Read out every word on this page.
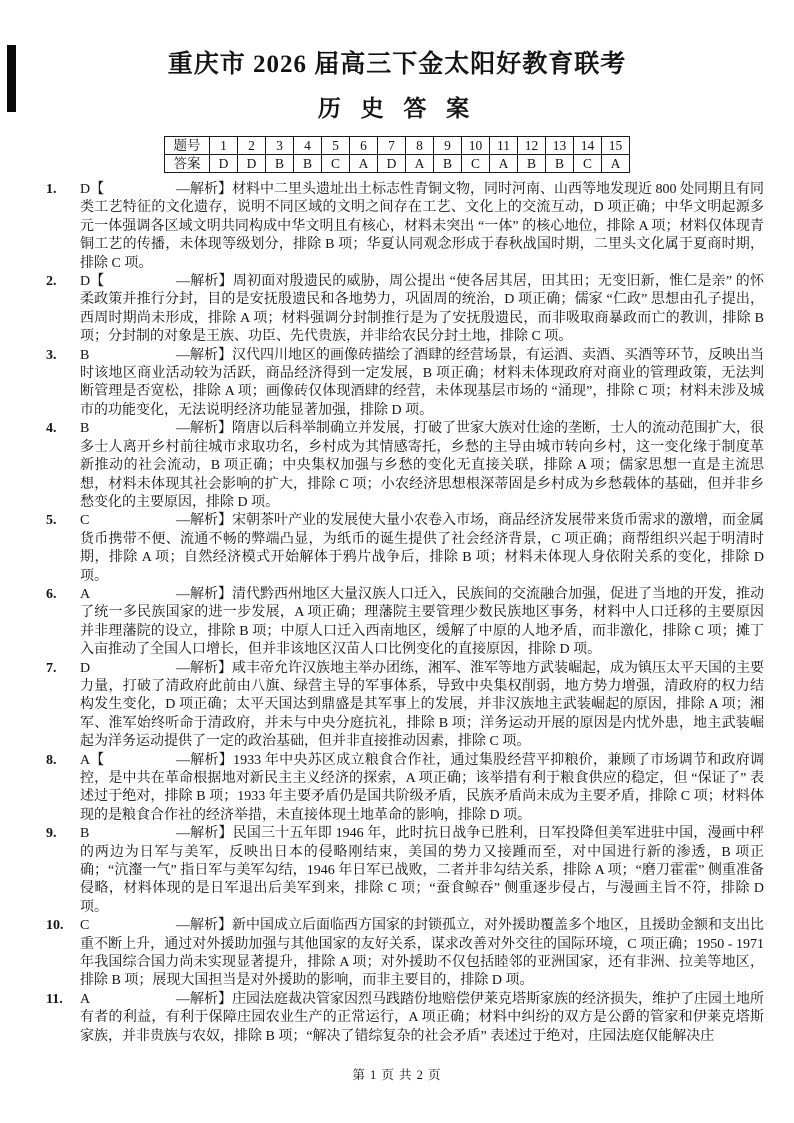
重庆市 2026 届高三下金太阳好教育联考
历 史 答 案
题号	1	2	3	4	5	6	7	8	9	10	11	12	13	14	15
答案	D	D	B	B	C	A	D	A	B	C	A	B	B	C	A
1. D【	—解析】材料中二里头遗址出土标志性青铜文物，同时河南、山西等地发现近 800 处同期且有同类工艺特征的文化遗存，说明不同区域的文明之间存在工艺、文化上的交流互动，D 项正确；中华文明起源多元一体强调各区域文明共同构成中华文明且有核心，材料未突出 “一体” 的核心地位，排除 A 项；材料仅体现青铜工艺的传播，未体现等级划分，排除 B 项；华夏认同观念形成于春秋战国时期，二里头文化属于夏商时期，排除 C 项。
2. D【	—解析】周初面对殷遗民的威胁，周公提出 “使各居其居，田其田；无变旧新，惟仁是亲” 的怀柔政策并推行分封，目的是安抚殷遗民和各地势力，巩固周的统治，D 项正确；儒家 “仁政” 思想由孔子提出，西周时期尚未形成，排除 A 项；材料强调分封制推行是为了安抚殷遗民，而非吸取商暴政而亡的教训，排除 B 项；分封制的对象是王族、功臣、先代贵族，并非给农民分封土地，排除 C 项。
3. B	—解析】汉代四川地区的画像砖描绘了酒肆的经营场景，有运酒、卖酒、买酒等环节，反映出当时该地区商业活动较为活跃，商品经济得到一定发展，B 项正确；材料未体现政府对商业的管理政策，无法判断管理是否宽松，排除 A 项；画像砖仅体现酒肆的经营，未体现基层市场的 “涌现”，排除 C 项；材料未涉及城市的功能变化，无法说明经济功能显著加强，排除 D 项。
4. B	—解析】隋唐以后科举制确立并发展，打破了世家大族对仕途的垄断，士人的流动范围扩大，很多士人离开乡村前往城市求取功名，乡村成为其情感寄托，乡愁的主导由城市转向乡村，这一变化缘于制度革新推动的社会流动，B 项正确；中央集权加强与乡愁的变化无直接关联，排除 A 项；儒家思想一直是主流思想，材料未体现其社会影响的扩大，排除 C 项；小农经济思想根深蒂固是乡村成为乡愁载体的基础，但并非乡愁变化的主要原因，排除 D 项。
5. C	—解析】宋朝茶叶产业的发展使大量小农卷入市场，商品经济发展带来货币需求的激增，而金属货币携带不便、流通不畅的弊端凸显，为纸币的诞生提供了社会经济背景，C 项正确；商帮组织兴起于明清时期，排除 A 项；自然经济模式开始解体于鸦片战争后，排除 B 项；材料未体现人身依附关系的变化，排除 D 项。
6. A	—解析】清代黔西州地区大量汉族人口迁入，民族间的交流融合加强，促进了当地的开发，推动了统一多民族国家的进一步发展，A 项正确；理藩院主要管理少数民族地区事务，材料中人口迁移的主要原因并非理藩院的设立，排除 B 项；中原人口迁入西南地区，缓解了中原的人地矛盾，而非激化，排除 C 项；摊丁入亩推动了全国人口增长，但并非该地区汉苗人口比例变化的直接原因，排除 D 项。
7. D	—解析】咸丰帝允许汉族地主举办团练，湘军、淮军等地方武装崛起，成为镇压太平天国的主要力量，打破了清政府此前由八旗、绿营主导的军事体系，导致中央集权削弱，地方势力增强，清政府的权力结构发生变化，D 项正确；太平天国达到鼎盛是其军事上的发展，并非汉族地主武装崛起的原因，排除 A 项；湘军、淮军始终听命于清政府，并未与中央分庭抗礼，排除 B 项；洋务运动开展的原因是内忧外患，地主武装崛起为洋务运动提供了一定的政治基础，但并非直接推动因素，排除 C 项。
8. A【	—解析】1933 年中央苏区成立粮食合作社，通过集股经营平抑粮价，兼顾了市场调节和政府调控，是中共在革命根据地对新民主主义经济的探索，A 项正确；该举措有利于粮食供应的稳定，但 “保证了” 表述过于绝对，排除 B 项；1933 年主要矛盾仍是国共阶级矛盾，民族矛盾尚未成为主要矛盾，排除 C 项；材料体现的是粮食合作社的经济举措，未直接体现土地革命的影响，排除 D 项。
9. B	—解析】民国三十五年即 1946 年，此时抗日战争已胜利，日军投降但美军进驻中国，漫画中秤的两边为日军与美军，反映出日本的侵略刚结束，美国的势力又接踵而至，对中国进行新的渗透，B 项正确；“沆瀣一气” 指日军与美军勾结，1946 年日军已战败，二者并非勾结关系，排除 A 项；“磨刀霍霍” 侧重准备侵略，材料体现的是日军退出后美军到来，排除 C 项；“蚕食鲸吞” 侧重逐步侵占，与漫画主旨不符，排除 D 项。
10. C	—解析】新中国成立后面临西方国家的封锁孤立，对外援助覆盖多个地区，且援助金额和支出比重不断上升，通过对外援助加强与其他国家的友好关系，谋求改善对外交往的国际环境，C 项正确；1950 - 1971 年我国综合国力尚未实现显著提升，排除 A 项；对外援助不仅包括睦邻的亚洲国家，还有非洲、拉美等地区，排除 B 项；展现大国担当是对外援助的影响，而非主要目的，排除 D 项。
11. A	—解析】庄园法庭裁决管家因烈马践踏份地赔偿伊莱克塔斯家族的经济损失，维护了庄园土地所有者的利益，有利于保障庄园农业生产的正常运行，A 项正确；材料中纠纷的双方是公爵的管家和伊莱克塔斯家族，并非贵族与农奴，排除 B 项；“解决了错综复杂的社会矛盾” 表述过于绝对，庄园法庭仅能解决庄
第 1 页 共 2 页
